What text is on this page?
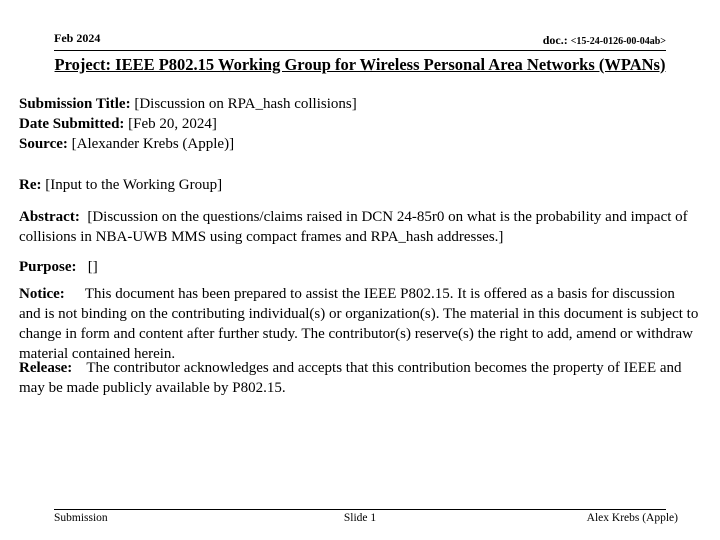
Feb 2024	doc.: <15-24-0126-00-04ab>
Project: IEEE P802.15 Working Group for Wireless Personal Area Networks (WPANs)
Submission Title: [Discussion on RPA_hash collisions]
Date Submitted: [Feb 20, 2024]
Source: [Alexander Krebs (Apple)]
Re: [Input to the Working Group]
Abstract: [Discussion on the questions/claims raised in DCN 24-85r0 on what is the probability and impact of collisions in NBA-UWB MMS using compact frames and RPA_hash addresses.]
Purpose: []
Notice: This document has been prepared to assist the IEEE P802.15. It is offered as a basis for discussion and is not binding on the contributing individual(s) or organization(s). The material in this document is subject to change in form and content after further study. The contributor(s) reserve(s) the right to add, amend or withdraw material contained herein.
Release: The contributor acknowledges and accepts that this contribution becomes the property of IEEE and may be made publicly available by P802.15.
Submission	Slide 1	Alex Krebs (Apple)
